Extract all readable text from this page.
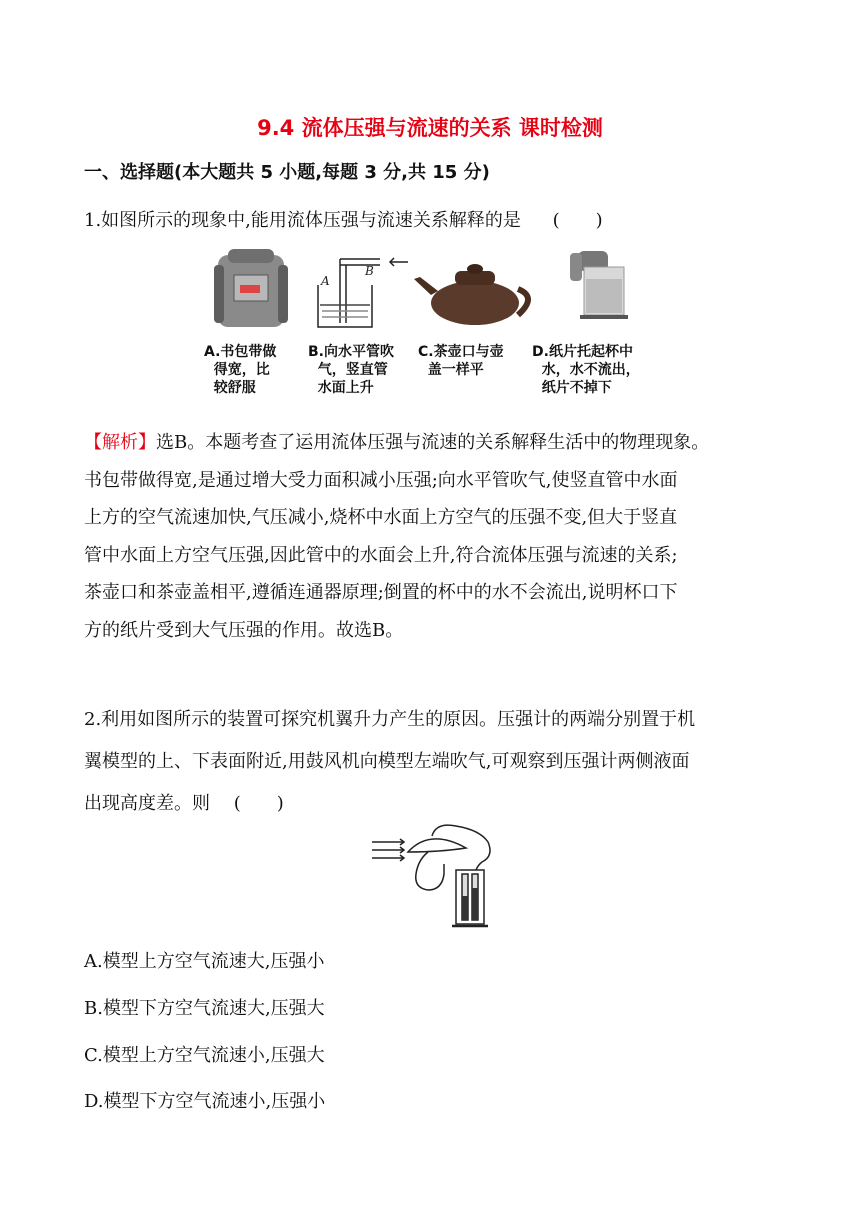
9.4 流体压强与流速的关系 课时检测
一、选择题(本大题共 5 小题,每题 3 分,共 15 分)
1.如图所示的现象中,能用流体压强与流速关系解释的是 (　　)
A
B
A.书包带做
得宽，比
较舒服
B.向水平管吹
气，竖直管
水面上升
C.茶壶口与壶
盖一样平
D.纸片托起杯中
水，水不流出，
纸片不掉下
【解析】选B。本题考查了运用流体压强与流速的关系解释生活中的物理现象。
书包带做得宽,是通过增大受力面积减小压强;向水平管吹气,使竖直管中水面
上方的空气流速加快,气压减小,烧杯中水面上方空气的压强不变,但大于竖直
管中水面上方空气压强,因此管中的水面会上升,符合流体压强与流速的关系;
茶壶口和茶壶盖相平,遵循连通器原理;倒置的杯中的水不会流出,说明杯口下
方的纸片受到大气压强的作用。故选B。
2.利用如图所示的装置可探究机翼升力产生的原因。压强计的两端分别置于机
翼模型的上、下表面附近,用鼓风机向模型左端吹气,可观察到压强计两侧液面
出现高度差。则 (　　)
A.模型上方空气流速大,压强小
B.模型下方空气流速大,压强大
C.模型上方空气流速小,压强大
D.模型下方空气流速小,压强小
